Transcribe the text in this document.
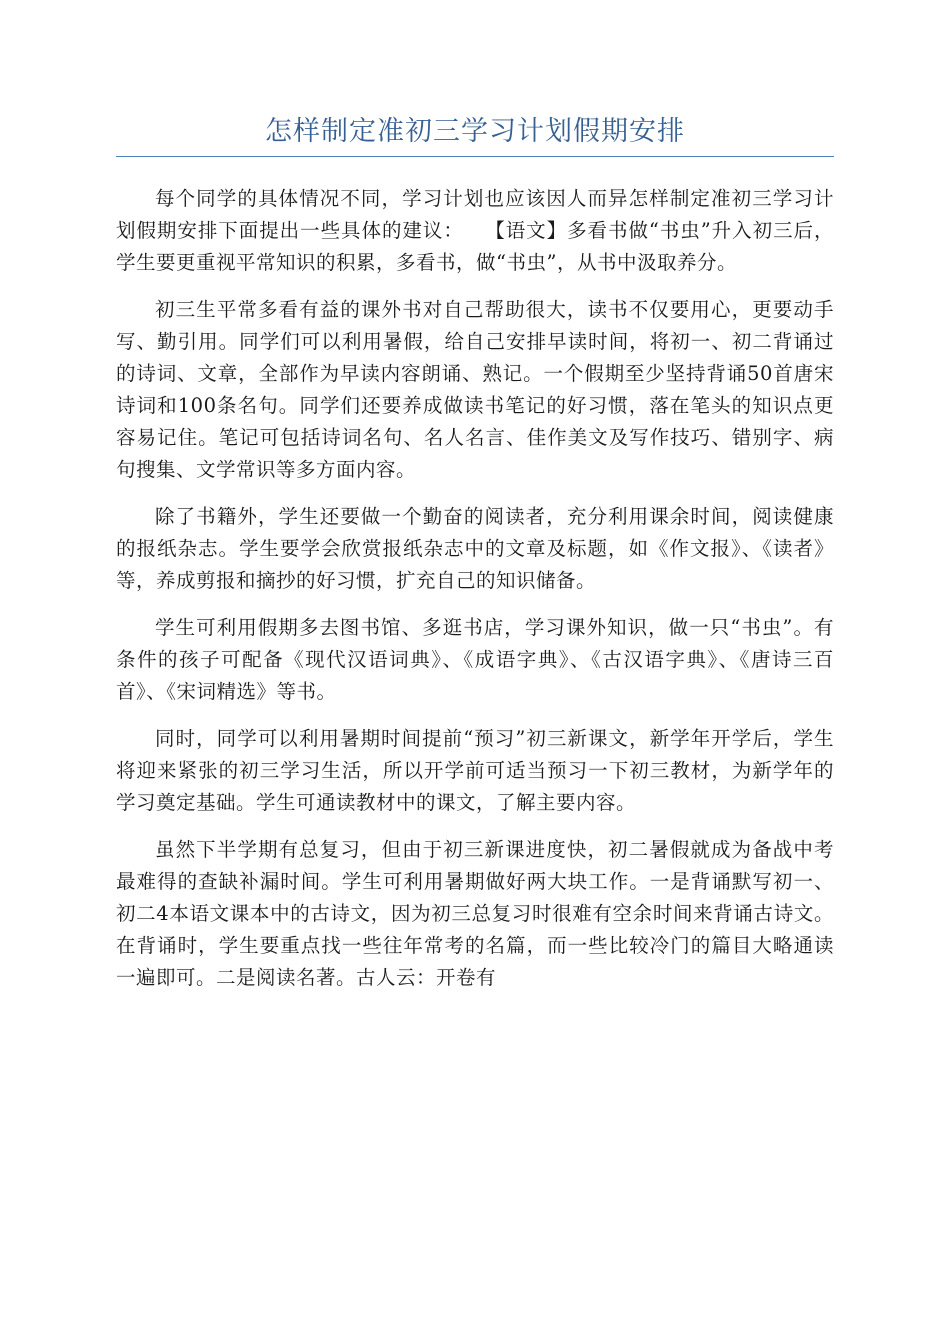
怎样制定准初三学习计划假期安排

每个同学的具体情况不同，学习计划也应该因人而异怎样制定准初三学习计划假期安排下面提出一些具体的建议：　　【语文】多看书做“书虫”升入初三后，学生要更重视平常知识的积累，多看书，做“书虫”，从书中汲取养分。

初三生平常多看有益的课外书对自己帮助很大，读书不仅要用心，更要动手写、勤引用。同学们可以利用暑假，给自己安排早读时间，将初一、初二背诵过的诗词、文章，全部作为早读内容朗诵、熟记。一个假期至少坚持背诵50首唐宋诗词和100条名句。同学们还要养成做读书笔记的好习惯，落在笔头的知识点更容易记住。笔记可包括诗词名句、名人名言、佳作美文及写作技巧、错别字、病句搜集、文学常识等多方面内容。

除了书籍外，学生还要做一个勤奋的阅读者，充分利用课余时间，阅读健康的报纸杂志。学生要学会欣赏报纸杂志中的文章及标题，如《作文报》、《读者》等，养成剪报和摘抄的好习惯，扩充自己的知识储备。

学生可利用假期多去图书馆、多逛书店，学习课外知识，做一只“书虫”。有条件的孩子可配备《现代汉语词典》、《成语字典》、《古汉语字典》、《唐诗三百首》、《宋词精选》等书。

同时，同学可以利用暑期时间提前“预习”初三新课文，新学年开学后，学生将迎来紧张的初三学习生活，所以开学前可适当预习一下初三教材，为新学年的学习奠定基础。学生可通读教材中的课文，了解主要内容。

虽然下半学期有总复习，但由于初三新课进度快，初二暑假就成为备战中考最难得的查缺补漏时间。学生可利用暑期做好两大块工作。一是背诵默写初一、初二4本语文课本中的古诗文，因为初三总复习时很难有空余时间来背诵古诗文。在背诵时，学生要重点找一些往年常考的名篇，而一些比较冷门的篇目大略通读一遍即可。二是阅读名著。古人云：开卷有
